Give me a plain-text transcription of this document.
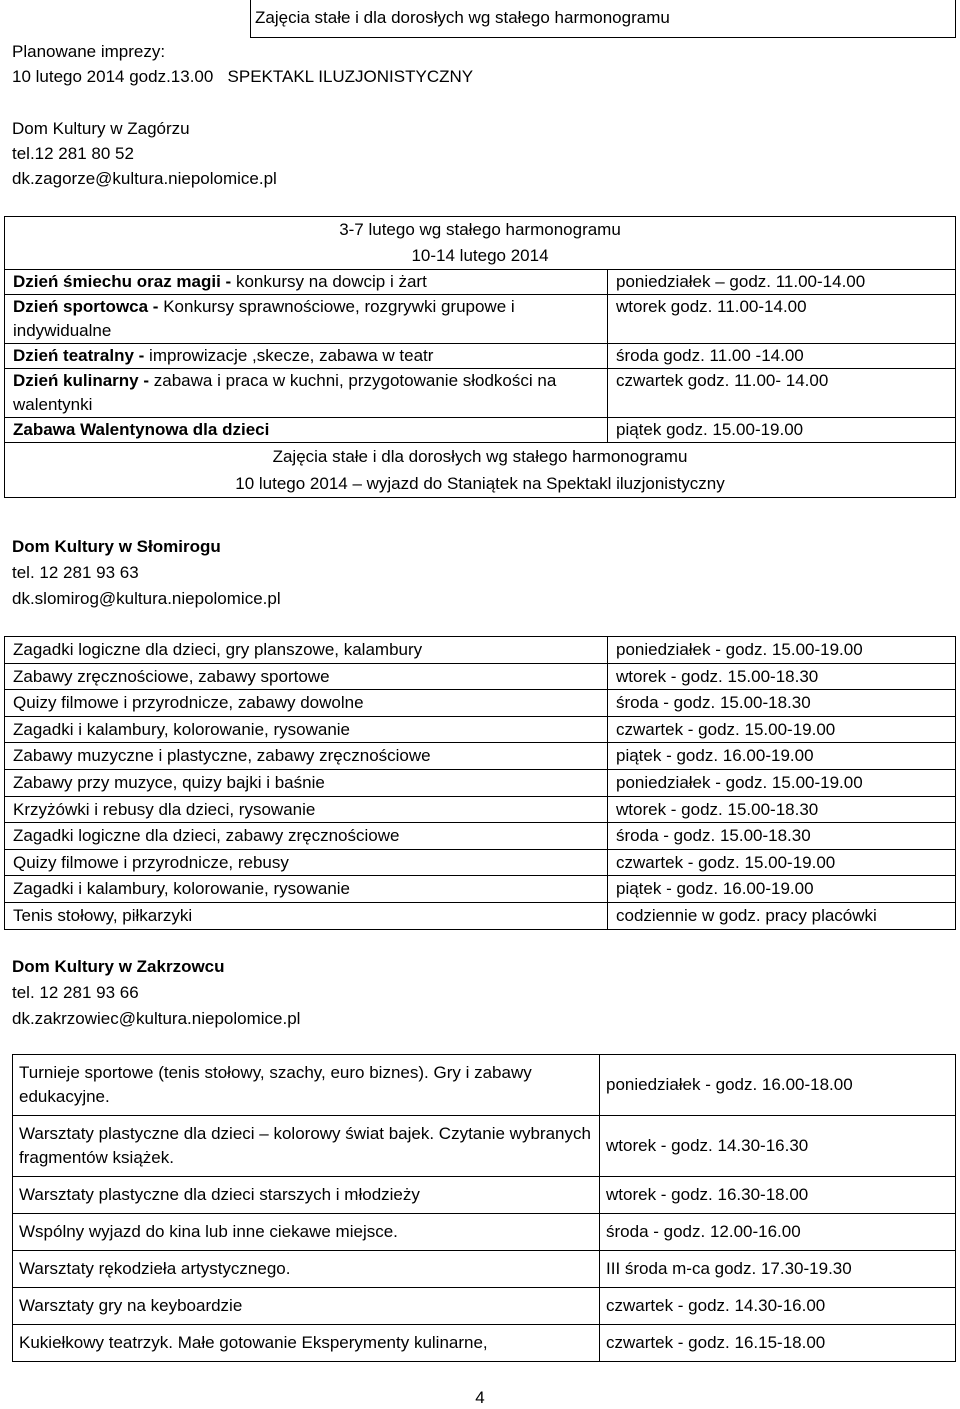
Zajęcia stałe i dla dorosłych wg stałego harmonogramu
Planowane imprezy:
10 lutego 2014 godz.13.00 SPEKTAKL ILUZJONISTYCZNY
Dom Kultury w Zagórzu
tel.12 281 80 52
dk.zagorze@kultura.niepolomice.pl
3-7 lutego wg stałego harmonogramu
10-14 lutego 2014	

Dzień śmiechu oraz magii - konkursy na dowcip i żart	poniedziałek – godz. 11.00-14.00
Dzień sportowca - Konkursy sprawnościowe, rozgrywki grupowe i indywidualne	wtorek godz. 11.00-14.00
Dzień teatralny - improwizacje ,skecze, zabawa w teatr	środa godz. 11.00 -14.00
Dzień kulinarny - zabawa i praca w kuchni, przygotowanie słodkości na walentynki	czwartek godz. 11.00- 14.00
Zabawa Walentynowa dla dzieci	piątek godz. 15.00-19.00

Zajęcia stałe i dla dorosłych wg stałego harmonogramu
10 lutego 2014 – wyjazd do Staniątek na Spektakl iluzjonistyczny	
Dom Kultury w Słomirogu
tel. 12 281 93 63
dk.slomirog@kultura.niepolomice.pl
Zagadki logiczne dla dzieci, gry planszowe, kalambury	poniedziałek - godz. 15.00-19.00
Zabawy zręcznościowe, zabawy sportowe	wtorek - godz. 15.00-18.30
Quizy filmowe i przyrodnicze, zabawy dowolne	środa - godz. 15.00-18.30
Zagadki i kalambury, kolorowanie, rysowanie	czwartek - godz. 15.00-19.00
Zabawy muzyczne i plastyczne, zabawy zręcznościowe	piątek - godz. 16.00-19.00
Zabawy przy muzyce, quizy bajki i baśnie	poniedziałek - godz. 15.00-19.00
Krzyżówki i rebusy dla dzieci, rysowanie	wtorek - godz. 15.00-18.30
Zagadki logiczne dla dzieci, zabawy zręcznościowe	środa - godz. 15.00-18.30
Quizy filmowe i przyrodnicze, rebusy	czwartek - godz. 15.00-19.00
Zagadki i kalambury, kolorowanie, rysowanie	piątek - godz. 16.00-19.00
Tenis stołowy, piłkarzyki	codziennie w godz. pracy placówki
Dom Kultury w Zakrzowcu
tel. 12 281 93 66
dk.zakrzowiec@kultura.niepolomice.pl
Turnieje sportowe (tenis stołowy, szachy, euro biznes). Gry i zabawy edukacyjne.	poniedziałek - godz. 16.00-18.00
Warsztaty plastyczne dla dzieci – kolorowy świat bajek. Czytanie wybranych fragmentów książek.	wtorek - godz. 14.30-16.30
Warsztaty plastyczne dla dzieci starszych i młodzieży	wtorek - godz. 16.30-18.00
Wspólny wyjazd do kina lub inne ciekawe miejsce.	środa - godz. 12.00-16.00
Warsztaty rękodzieła artystycznego.	III środa m-ca godz. 17.30-19.30
Warsztaty gry na keyboardzie	czwartek - godz. 14.30-16.00
Kukiełkowy teatrzyk. Małe gotowanie Eksperymenty kulinarne,	czwartek - godz. 16.15-18.00
4
